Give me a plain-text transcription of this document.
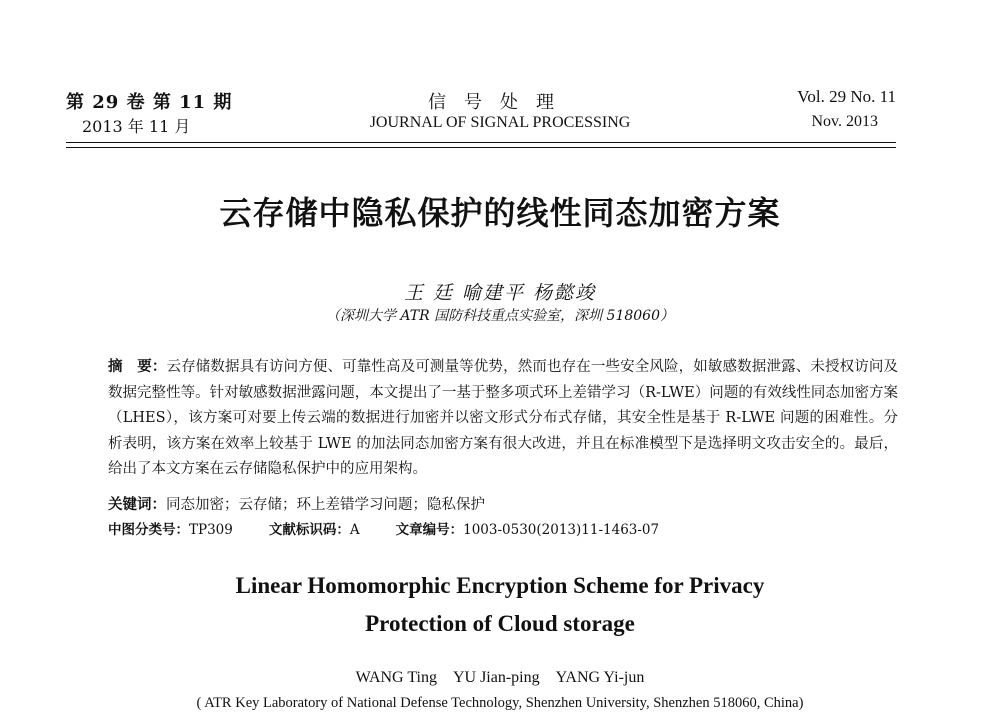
第 29 卷 第 11 期
2013 年 11 月
信号处理
JOURNAL OF SIGNAL PROCESSING
Vol. 29 No. 11
Nov. 2013
云存储中隐私保护的线性同态加密方案
王 廷 喻建平 杨懿竣
（深圳大学 ATR 国防科技重点实验室，深圳 518060）
摘　要：云存储数据具有访问方便、可靠性高及可测量等优势，然而也存在一些安全风险，如敏感数据泄露、未授权访问及数据完整性等。针对敏感数据泄露问题，本文提出了一基于整多项式环上差错学习（R-LWE）问题的有效线性同态加密方案（LHES），该方案可对要上传云端的数据进行加密并以密文形式分布式存储，其安全性是基于 R-LWE 问题的困难性。分析表明，该方案在效率上较基于 LWE 的加法同态加密方案有很大改进，并且在标准模型下是选择明文攻击安全的。最后，给出了本文方案在云存储隐私保护中的应用架构。
关键词：同态加密；云存储；环上差错学习问题；隐私保护
中图分类号：TP309	文献标识码：A	文章编号：1003-0530(2013)11-1463-07
Linear Homomorphic Encryption Scheme for Privacy Protection of Cloud storage
WANG Ting YU Jian-ping YANG Yi-jun
( ATR Key Laboratory of National Defense Technology, Shenzhen University, Shenzhen 518060, China)
